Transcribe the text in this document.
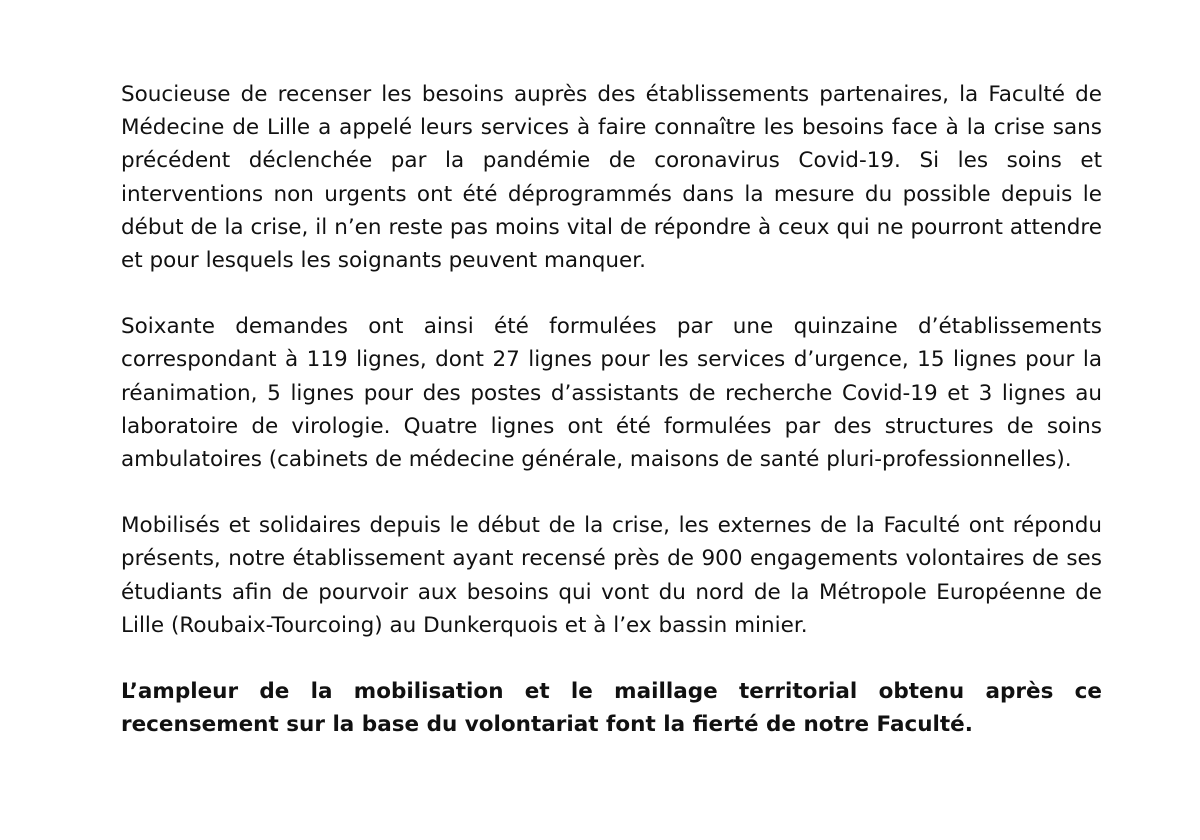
Soucieuse de recenser les besoins auprès des établissements partenaires, la Faculté de Médecine de Lille a appelé leurs services à faire connaître les besoins face à la crise sans précédent déclenchée par la pandémie de coronavirus Covid-19. Si les soins et interventions non urgents ont été déprogrammés dans la mesure du possible depuis le début de la crise, il n’en reste pas moins vital de répondre à ceux qui ne pourront attendre et pour lesquels les soignants peuvent manquer.

Soixante demandes ont ainsi été formulées par une quinzaine d’établissements correspondant à 119 lignes, dont 27 lignes pour les services d’urgence, 15 lignes pour la réanimation, 5 lignes pour des postes d’assistants de recherche Covid-19 et 3 lignes au laboratoire de virologie. Quatre lignes ont été formulées par des structures de soins ambulatoires (cabinets de médecine générale, maisons de santé pluri-professionnelles).

Mobilisés et solidaires depuis le début de la crise, les externes de la Faculté ont répondu présents, notre établissement ayant recensé près de 900 engagements volontaires de ses étudiants afin de pourvoir aux besoins qui vont du nord de la Métropole Européenne de Lille (Roubaix-Tourcoing) au Dunkerquois et à l’ex bassin minier.

L’ampleur de la mobilisation et le maillage territorial obtenu après ce recensement sur la base du volontariat font la fierté de notre Faculté.
